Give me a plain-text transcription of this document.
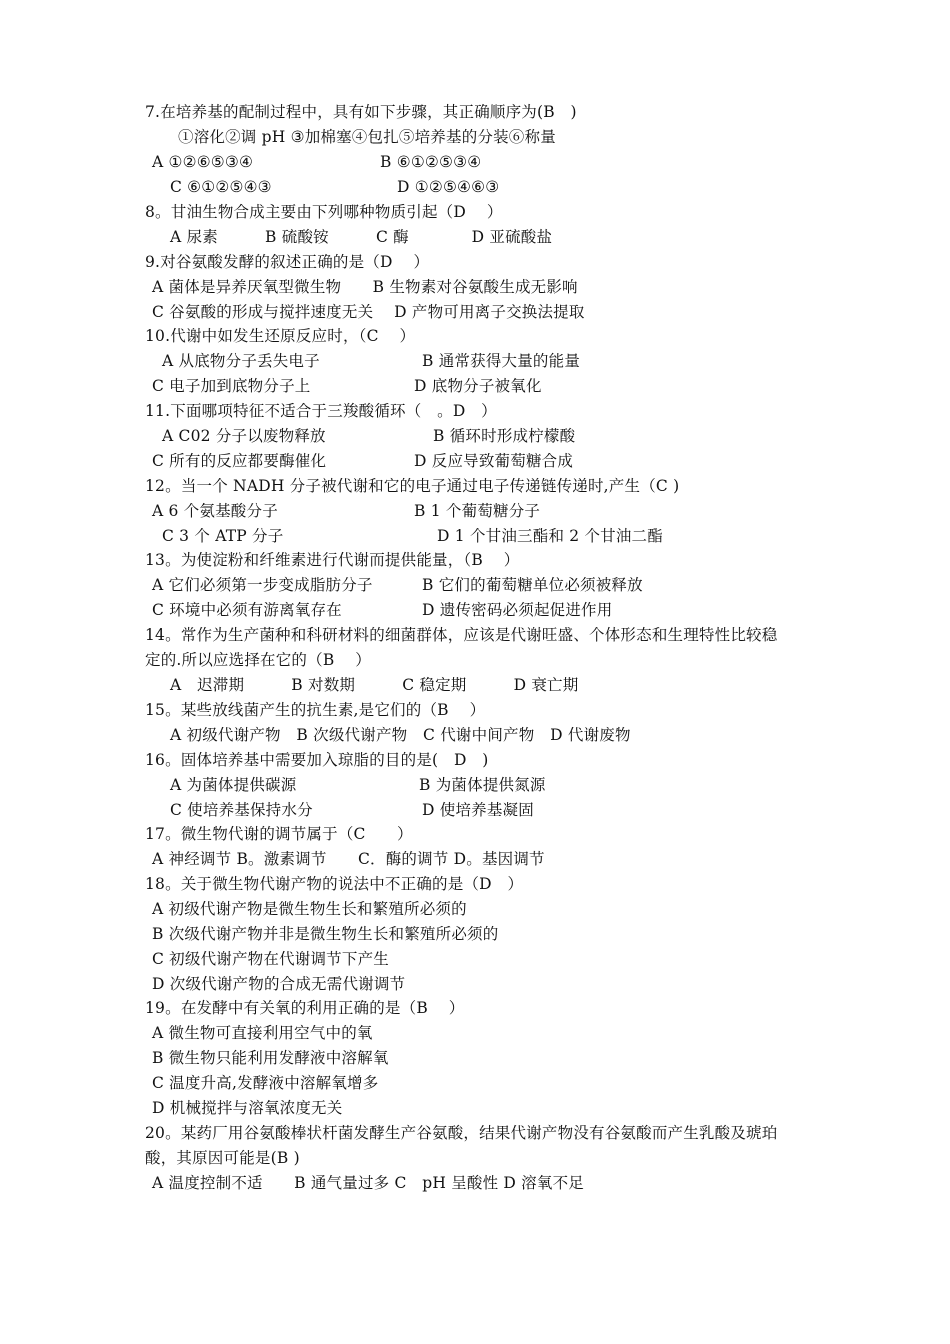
7.在培养基的配制过程中，具有如下步骤，其正确顺序为(B　)
①溶化②调 pH ③加棉塞④包扎⑤培养基的分装⑥称量
A ①②⑥⑤③④	B ⑥①②⑤③④
C ⑥①②⑤④③	D ①②⑤④⑥③
8。甘油生物合成主要由下列哪种物质引起（D　 ）
A 尿素　　　B 硫酸铵　　　C 酶　　　　D 亚硫酸盐
9.对谷氨酸发酵的叙述正确的是（D　 ）
A 菌体是异养厌氧型微生物　　B 生物素对谷氨酸生成无影响
C 谷氨酸的形成与搅拌速度无关　 D 产物可用离子交换法提取
10.代谢中如发生还原反应时，（C　 ）
A 从底物分子丢失电子	B 通常获得大量的能量
C 电子加到底物分子上	D 底物分子被氧化
11.下面哪项特征不适合于三羧酸循环（　。D　）
A C02 分子以废物释放	B 循环时形成柠檬酸
C 所有的反应都要酶催化	D 反应导致葡萄糖合成
12。当一个 NADH 分子被代谢和它的电子通过电子传递链传递时,产生（C )
A 6 个氨基酸分子	B 1 个葡萄糖分子
C 3 个 ATP 分子	D 1 个甘油三酯和 2 个甘油二酯
13。为使淀粉和纤维素进行代谢而提供能量，（B　 ）
A 它们必须第一步变成脂肪分子	B 它们的葡萄糖单位必须被释放
C 环境中必须有游离氧存在	D 遗传密码必须起促进作用
14。常作为生产菌种和科研材料的细菌群体，应该是代谢旺盛、个体形态和生理特性比较稳
定的.所以应选择在它的（B　 ）
A　迟滞期　　　B 对数期　　　C 稳定期　　　D 衰亡期
15。某些放线菌产生的抗生素,是它们的（B　 ）
A 初级代谢产物　B 次级代谢产物　C 代谢中间产物　D 代谢废物
16。固体培养基中需要加入琼脂的目的是(　D　)
A 为菌体提供碳源	B 为菌体提供氮源
C 使培养基保持水分	D 使培养基凝固
17。微生物代谢的调节属于（C　　）
A 神经调节 B。激素调节　　C．酶的调节 D。基因调节
18。关于微生物代谢产物的说法中不正确的是（D　）
A 初级代谢产物是微生物生长和繁殖所必须的
B 次级代谢产物并非是微生物生长和繁殖所必须的
C 初级代谢产物在代谢调节下产生
D 次级代谢产物的合成无需代谢调节
19。在发酵中有关氧的利用正确的是（B　 ）
A 微生物可直接利用空气中的氧
B 微生物只能利用发酵液中溶解氧
C 温度升高,发酵液中溶解氧增多
D 机械搅拌与溶氧浓度无关
20。某药厂用谷氨酸棒状杆菌发酵生产谷氨酸，结果代谢产物没有谷氨酸而产生乳酸及琥珀
酸，其原因可能是(B )
A 温度控制不适　　B 通气量过多 C　pH 呈酸性 D 溶氧不足
